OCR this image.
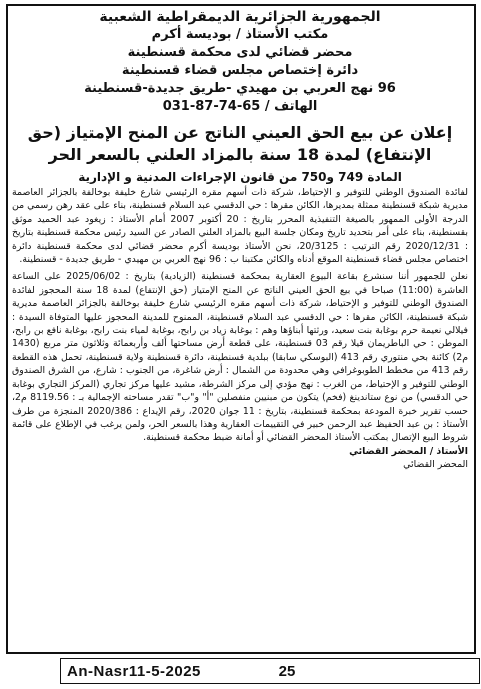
الجمهورية الجزائرية الديمقراطية الشعبية

مكتب الأستاذ / بوديسة أكرم

محضر قضائي لدى محكمة قسنطينة

دائرة إختصاص مجلس قضاء قسنطينة

96 نهج العربي بن مهيدي -طريق جديدة-قسنطينة

الهاتف / 65-74-87-031

إعلان عن بيع الحق العيني الناتج عن المنح الإمتياز (حق الإنتفاع) لمدة 18 سنة بالمزاد العلني بالسعر الحر

المادة 749 و750 من قانون الإجراءات المدنية و الإدارية

لفائدة الصندوق الوطني للتوفير و الإحتياط، شركة ذات أسهم مقره الرئيسي شارع خليفة بوخالفة بالجزائر العاصمة مديرية شبكة قسنطينة ممثلة بمديرها، الكائن مقرها : حي الدقسي عبد السلام قسنطينة، بناء على عقد رهن رسمي من الدرجة الأولى الممهور بالصيغة التنفيذية المحرر بتاريخ : 20 أكتوبر 2007 أمام الأستاذ : زيغود عبد الحميد موثق بقسنطينة، بناء على أمر بتحديد تاريخ ومكان جلسة البيع بالمزاد العلني الصادر عن السيد رئيس محكمة قسنطينة بتاريخ : 2020/12/31 رقم الترتيب : 20/3125، نحن الأستاذ بوديسة أكرم محضر قضائي لدى محكمة قسنطينة دائرة اختصاص مجلس قضاء قسنطينة الموقع أدناه والكائن مكتبنا ب : 96 نهج العربي بن مهيدي - طريق جديدة - قسنطينة.

نعلن للجمهور أننا سنشرع بقاعة البيوع العقارية بمحكمة قسنطينة (الزيادية) بتاريخ : 2025/06/02 على الساعة العاشرة (11:00) صباحا في بيع الحق العيني الناتج عن المنح الإمتياز (حق الإنتفاع) لمدة 18 سنة المحجوز لفائدة الصندوق الوطني للتوفير و الإحتياط، شركة ذات أسهم مقره الرئيسي شارع خليفة بوخالفة بالجزائر العاصمة مديرية شبكة قسنطينة، الكائن مقرها : حي الدقسي عبد السلام قسنطينة، الممنوح للمدينة المحجوز عليها المتوفاة السيدة : فيلالي نعيمة حرم بوغابة بنت سعيد، ورثتها أبناؤها وهم : بوغابة زياد بن رابح، بوغابة لمياء بنت رابح، بوغابة نافع بن رابح، الموطن : حي الباطريمان قيلا رقم 03 قسنطينة، على قطعة أرض مساحتها ألف وأربعمائة وثلاثون متر مربع (1430 م2) كائنة بحي منتوري رقم 413 (البوسكي سابقا) ببلدية قسنطينة، دائرة قسنطينة ولاية قسنطينة، تحمل هذه القطعة رقم 413 من مخطط الطوبوغرافي وهي محدودة من الشمال : أرض شاغرة، من الجنوب : شارع، من الشرق الصندوق الوطني للتوفير و الإحتياط، من الغرب : نهج مؤدي إلى مركز الشرطة، مشيد عليها مركز تجاري (المركز التجاري بوغابة حي الدقسي) من نوع ستاندينغ (فخم) يتكون من مبنيين منفصلين "أ" و"ب" تقدر مساحته الإجمالية بـ : 8119.56 م2، حسب تقرير خبرة المودعة بمحكمة قسنطينة، بتاريخ : 11 جوان 2020، رقم الإيداع : 2020/386 المنجزة من طرف الأستاذ : بن عبد الحفيظ عبد الرحمن خبير في التقييمات العقارية وهذا بالسعر الحر، ولمن يرغب في الإطلاع على قائمة شروط البيع الإتصال بمكتب الأستاذ المحضر القضائي أو أمانة ضبط محكمة قسنطينة.

الأستاذ / المحضر القضائي

المحضر القضائي

An-Nasr11-5-2025	25
